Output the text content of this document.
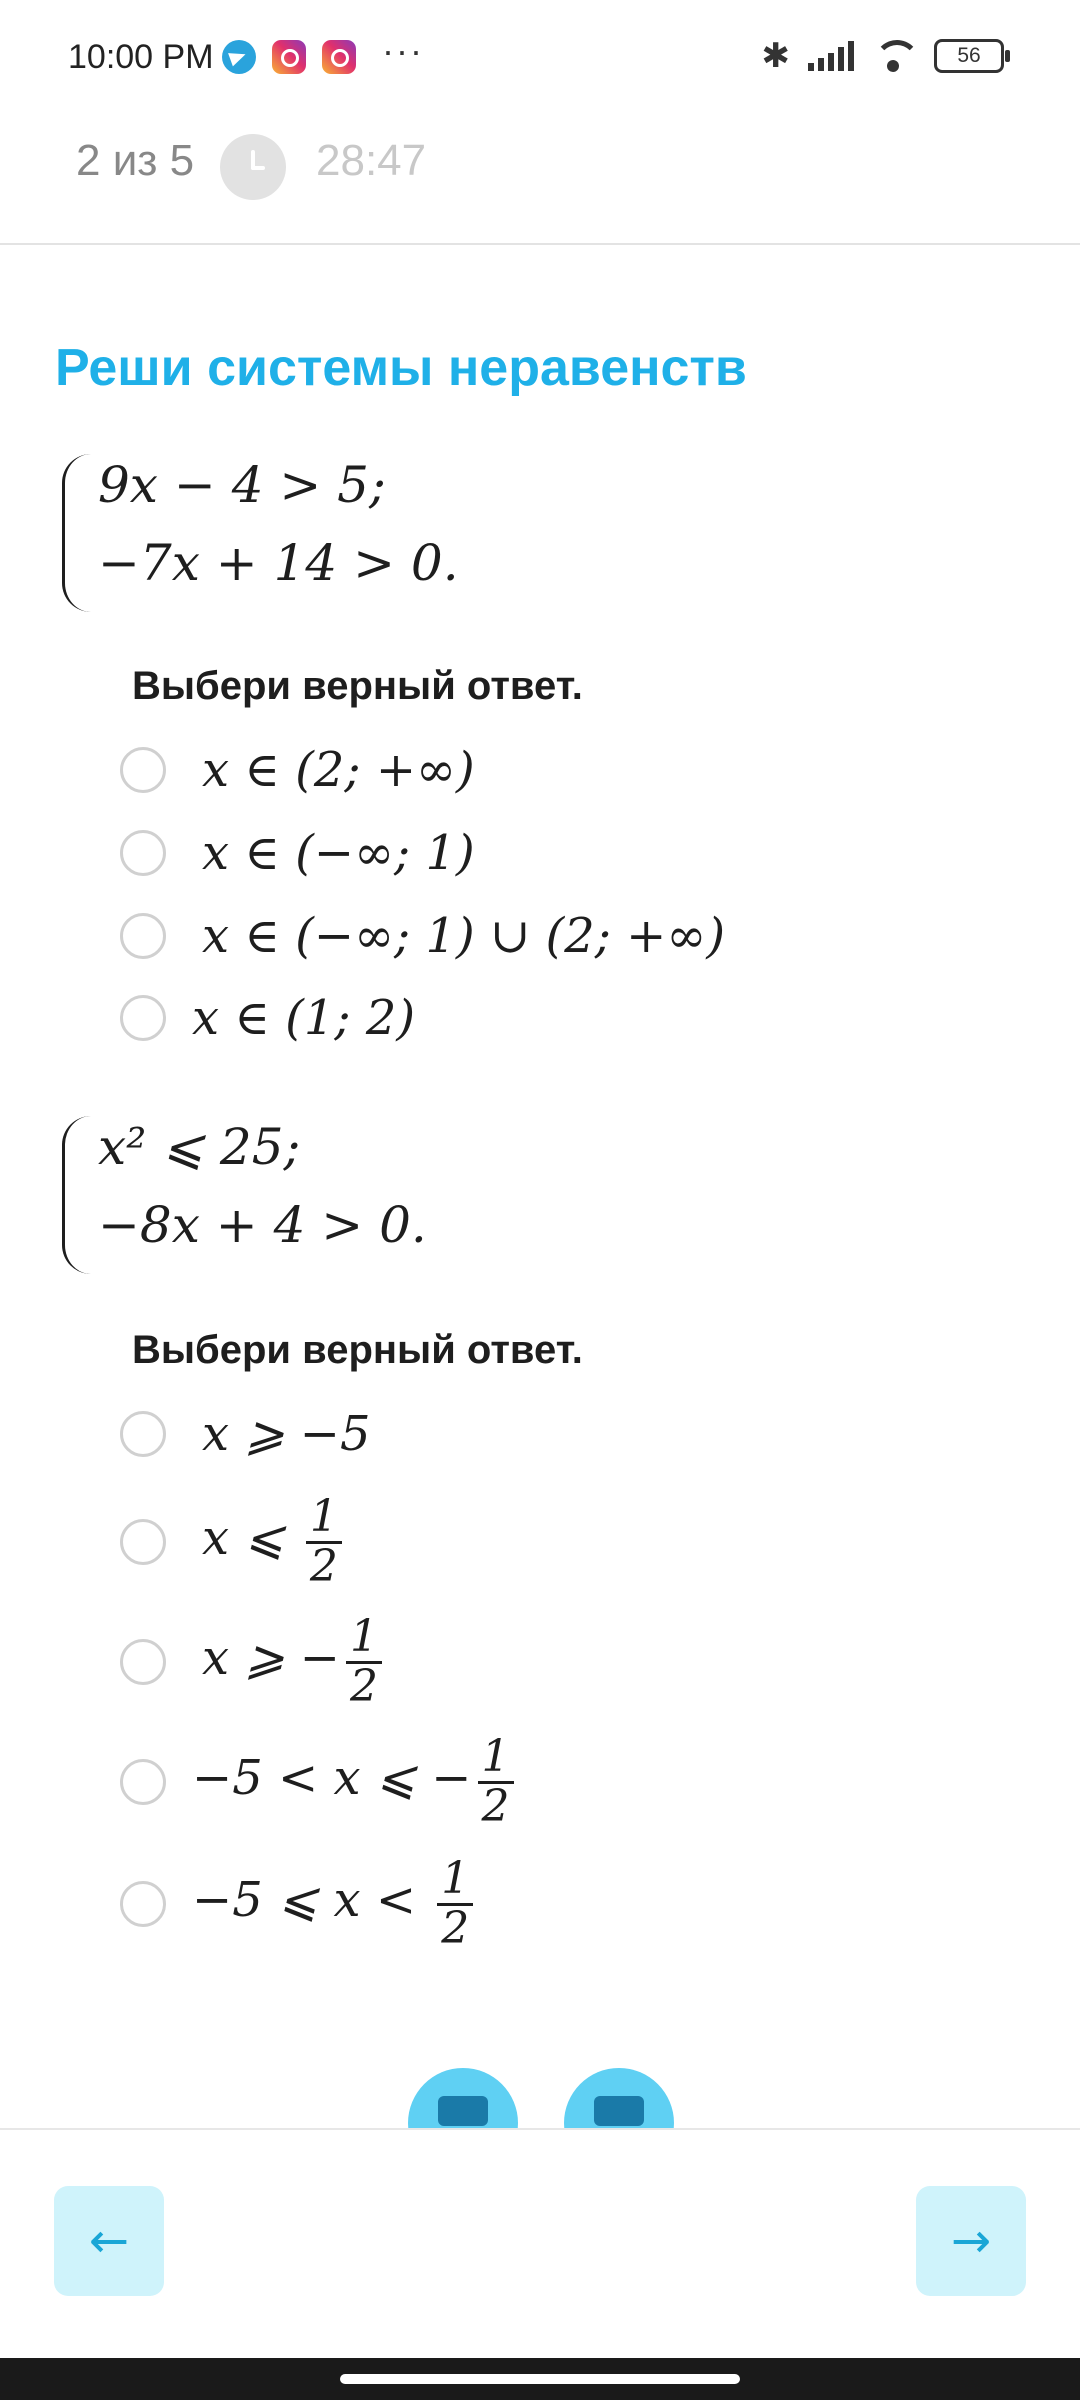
10:00 PM	···	✱	56
2 из 5	28:47
Реши системы неравенств
9x − 4 > 5;
−7x + 14 > 0.
Выбери верный ответ.
x ∈ (2; +∞)
x ∈ (−∞; 1)
x ∈ (−∞; 1) ∪ (2; +∞)
x ∈ (1; 2)
x² ⩽ 25;
−8x + 4 > 0.
Выбери верный ответ.
x ⩾ −5
x ⩽ $\frac{1}{2}$
x ⩾ − $\frac{1}{2}$
−5 < x ⩽ − $\frac{1}{2}$
−5 ⩽ $x < \frac{1}{2}$
←	→
